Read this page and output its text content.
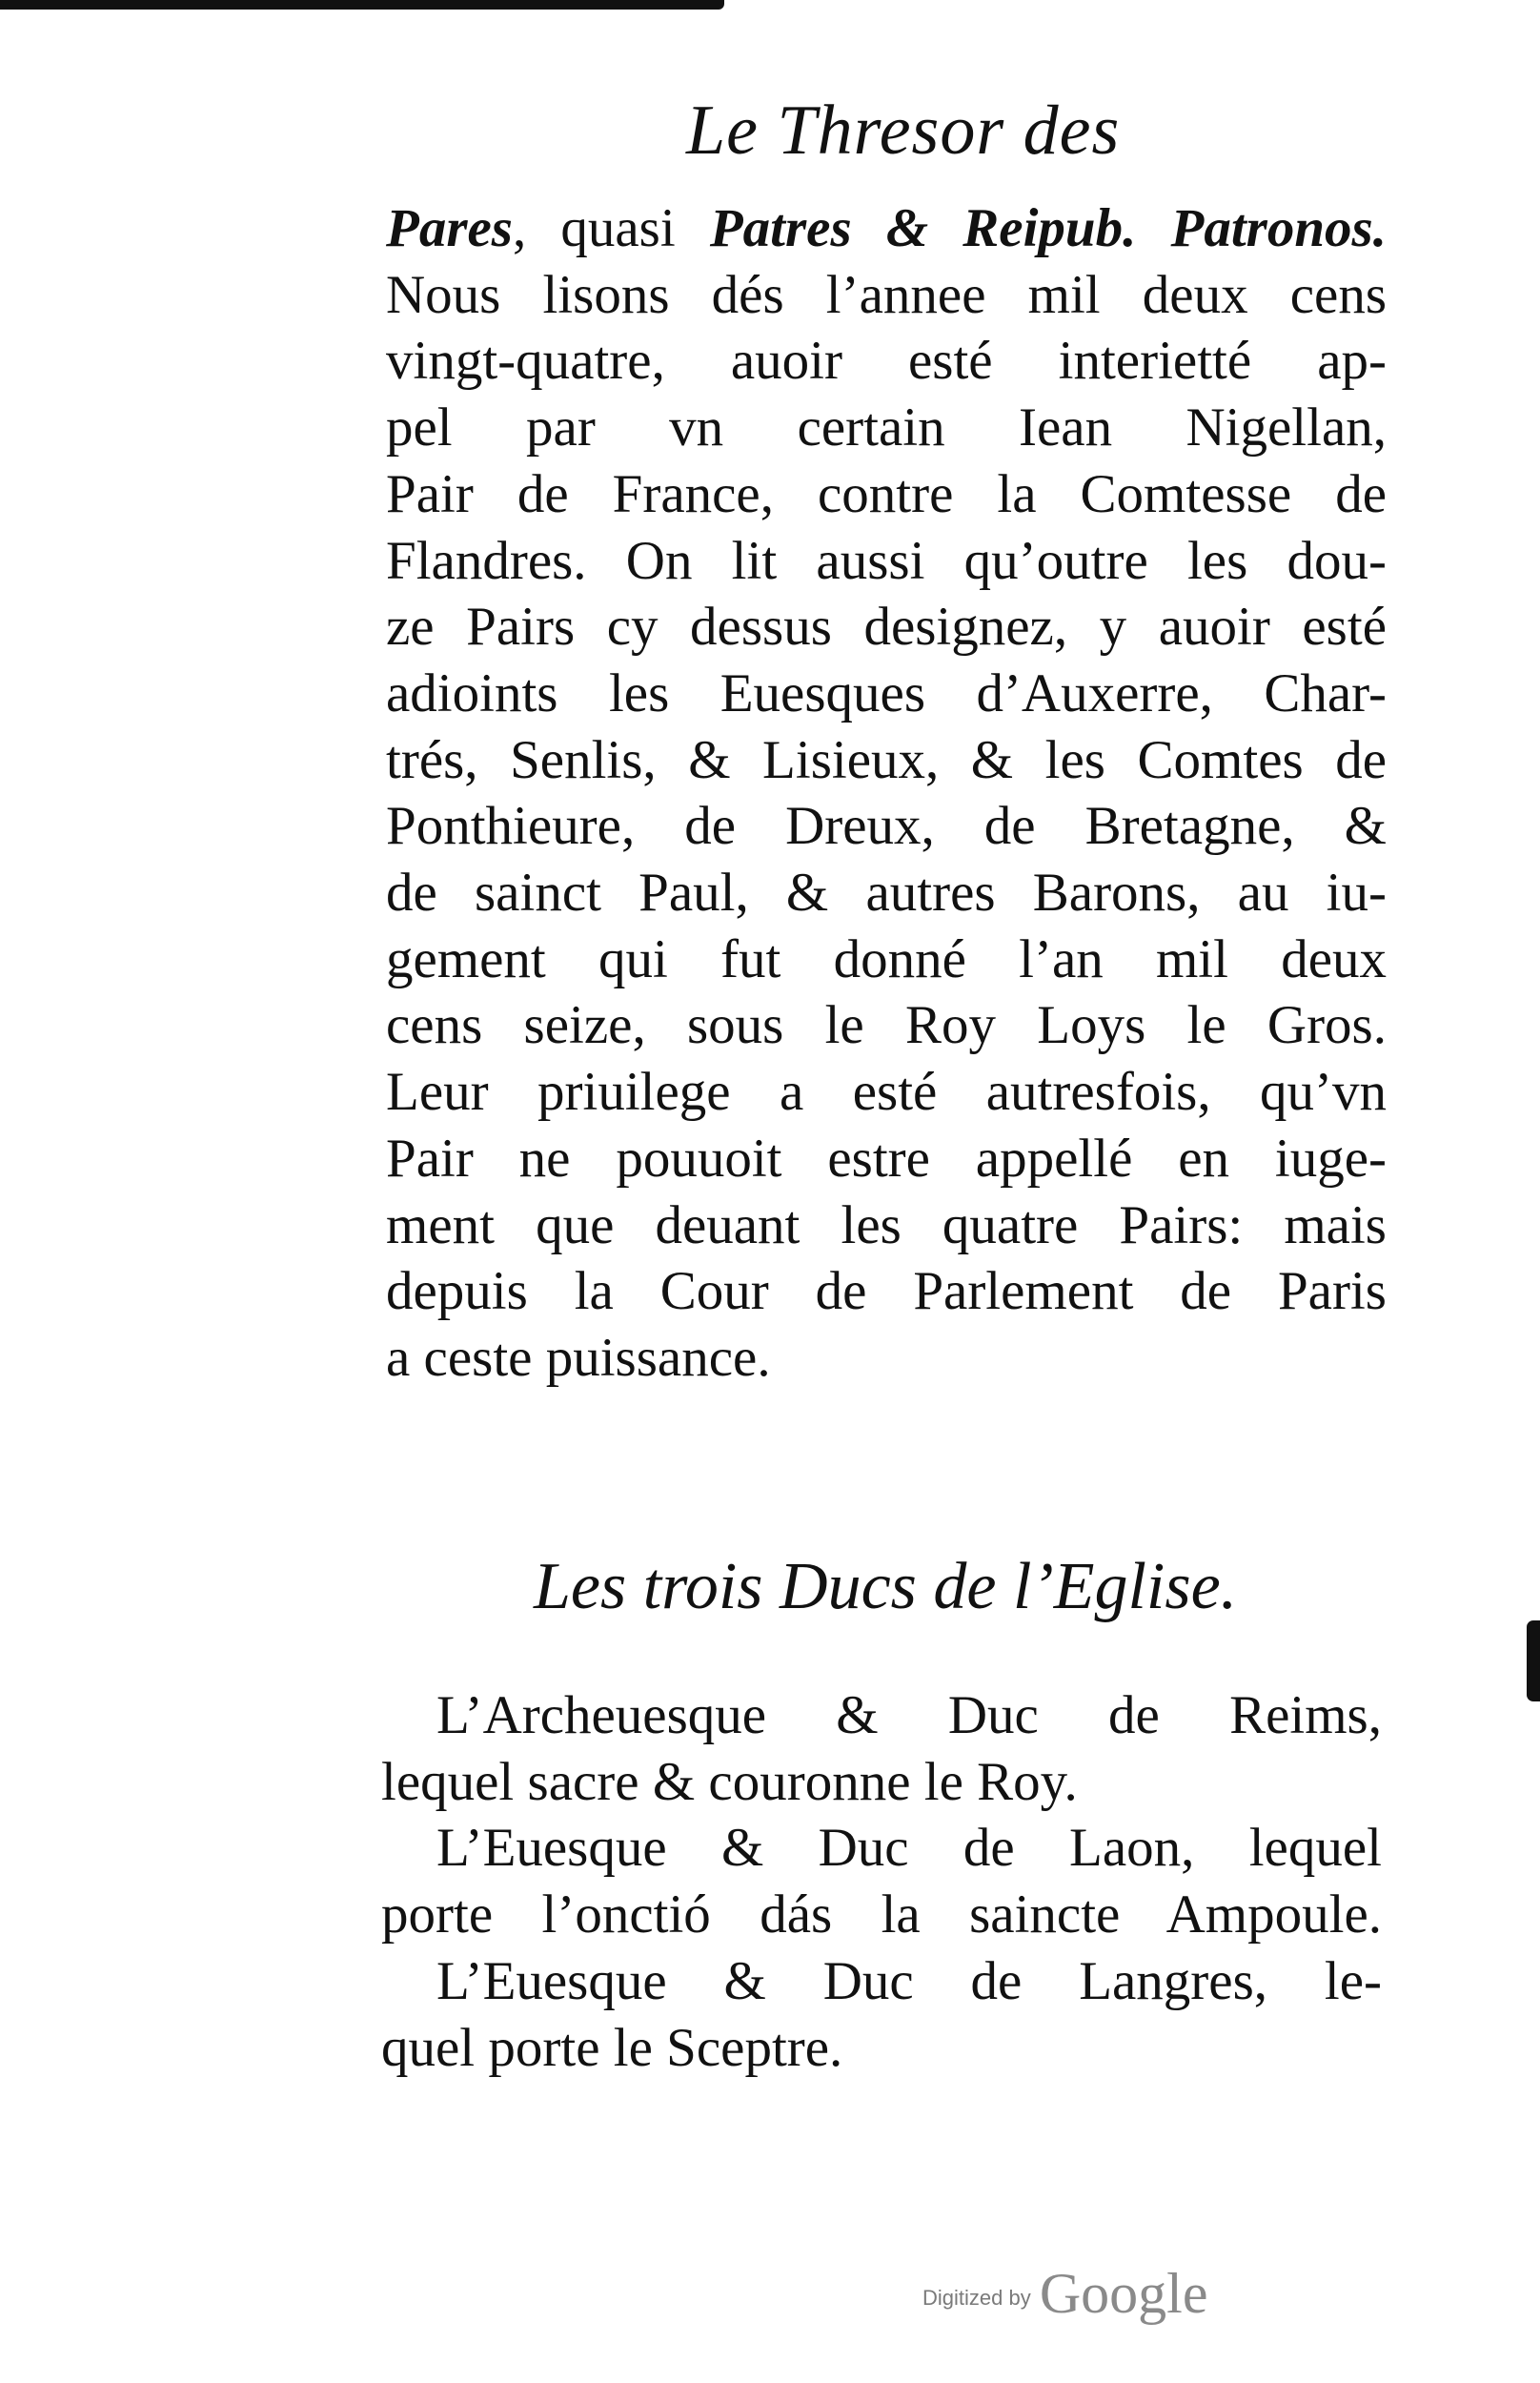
Le Thresor des
Pares, quasi Patres & Reipub. Patronos.
Nous lisons dés l’annee mil deux cens
vingt-quatre, auoir esté interietté ap-
pel par vn certain Iean Nigellan,
Pair de France, contre la Comtesse de
Flandres. On lit aussi qu’outre les dou-
ze Pairs cy dessus designez, y auoir esté
adioints les Euesques d’Auxerre, Char-
trés, Senlis, & Lisieux, & les Comtes de
Ponthieure, de Dreux, de Bretagne, &
de sainct Paul, & autres Barons, au iu-
gement qui fut donné l’an mil deux
cens seize, sous le Roy Loys le Gros.
Leur priuilege a esté autresfois, qu’vn
Pair ne pouuoit estre appellé en iuge-
ment que deuant les quatre Pairs: mais
depuis la Cour de Parlement de Paris
a ceste puissance.
Les trois Ducs de l’Eglise.
L’Archeuesque & Duc de Reims,
lequel sacre & couronne le Roy.
L’Euesque & Duc de Laon, lequel
porte l’onctió dás la saincte Ampoule.
L’Euesque & Duc de Langres, le-
quel porte le Sceptre.
Digitized by Google
